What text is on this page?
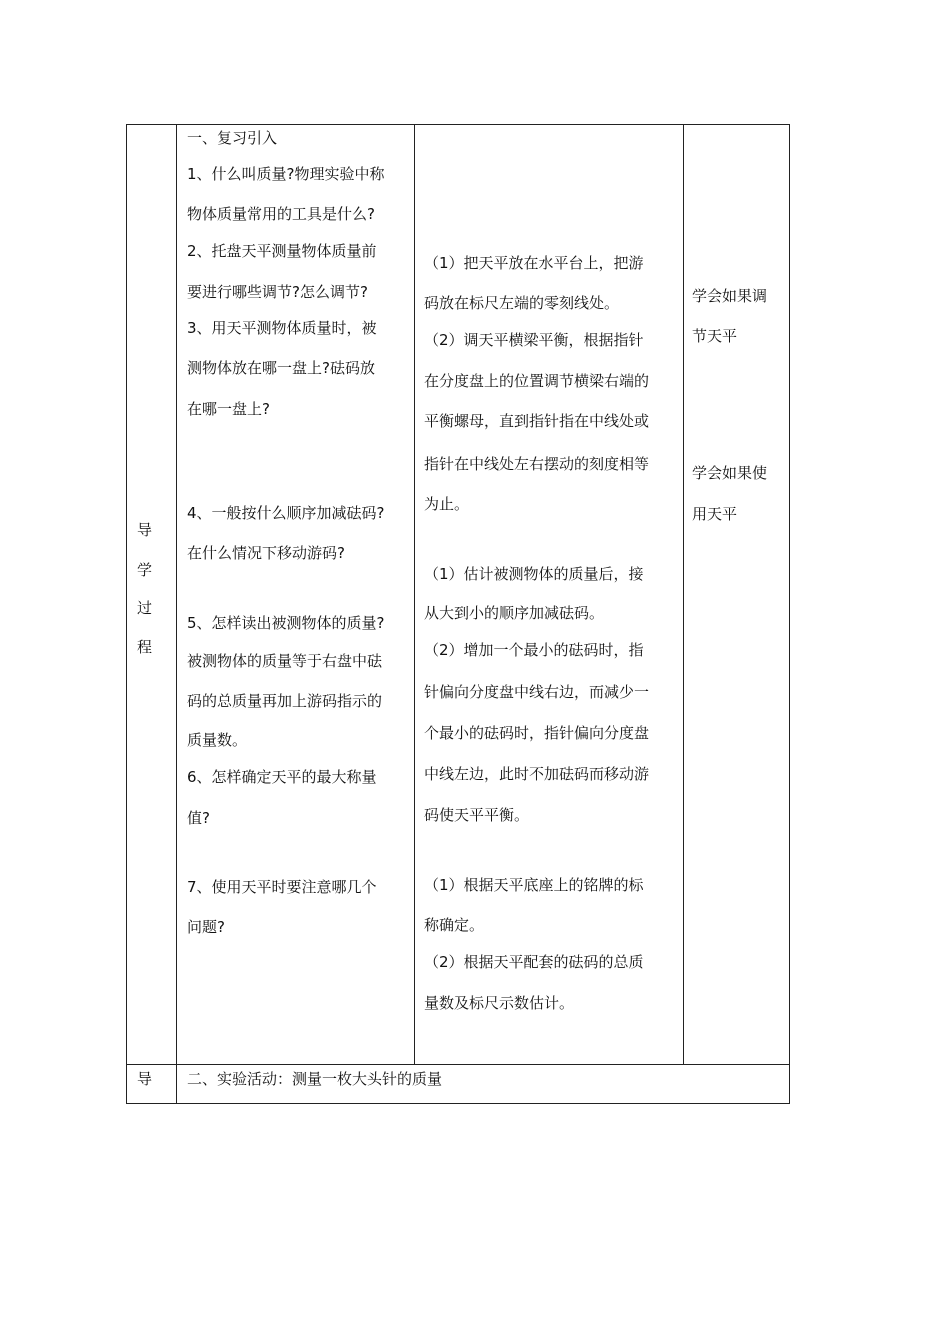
导
学
过
程
一、复习引入
1、什么叫质量?物理实验中称
物体质量常用的工具是什么?
2、托盘天平测量物体质量前
要进行哪些调节?怎么调节?
3、用天平测物体质量时，被
测物体放在哪一盘上?砝码放
在哪一盘上?
4、一般按什么顺序加减砝码?
在什么情况下移动游码?
5、怎样读出被测物体的质量?
被测物体的质量等于右盘中砝
码的总质量再加上游码指示的
质量数。
6、怎样确定天平的最大称量
值?
7、使用天平时要注意哪几个
问题?
（1）把天平放在水平台上，把游
码放在标尺左端的零刻线处。
（2）调天平横梁平衡，根据指针
在分度盘上的位置调节横梁右端的
平衡螺母，直到指针指在中线处或
指针在中线处左右摆动的刻度相等
为止。
（1）估计被测物体的质量后，接
从大到小的顺序加减砝码。
（2）增加一个最小的砝码时，指
针偏向分度盘中线右边，而减少一
个最小的砝码时，指针偏向分度盘
中线左边，此时不加砝码而移动游
码使天平平衡。
（1）根据天平底座上的铭牌的标
称确定。
（2）根据天平配套的砝码的总质
量数及标尺示数估计。
学会如果调
节天平
学会如果使
用天平
导 二、实验活动：测量一枚大头针的质量
